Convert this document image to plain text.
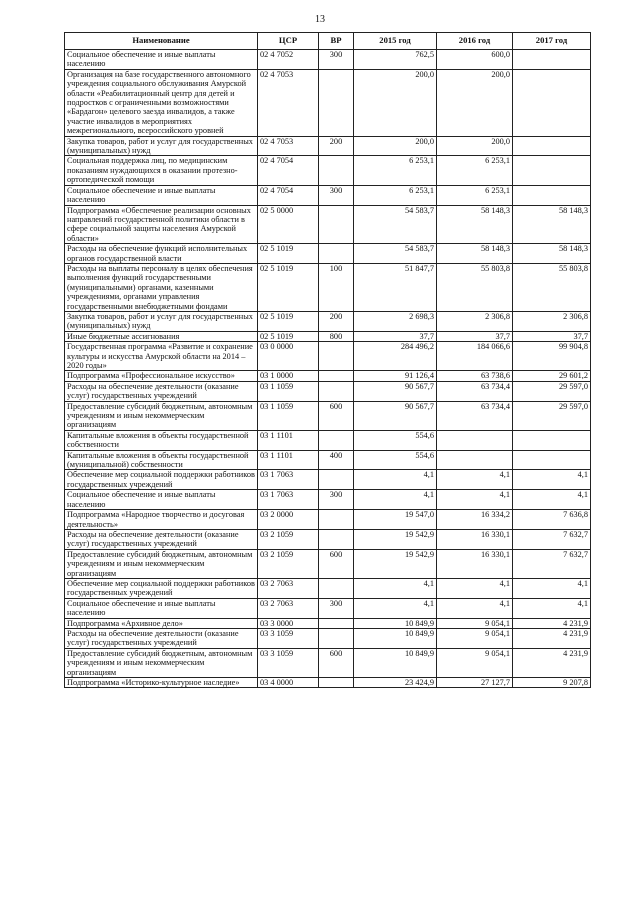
13
Наименование	ЦСР	ВР	2015 год	2016 год	2017 год
Социальное обеспечение и иные выплаты населению	02 4 7052	300	762,5	600,0	
Организация на базе государственного автономного учреждения социального обслуживания Амурской области «Реабилитационный центр для детей и подростков с ограниченными возможностями «Бардагон» целевого заезда инвалидов, а также участие инвалидов в мероприятиях межрегионального, всероссийского уровней	02 4 7053		200,0	200,0	
Закупка товаров, работ и услуг для государственных (муниципальных) нужд	02 4 7053	200	200,0	200,0	
Социальная поддержка лиц, по медицинским показаниям нуждающихся в оказании протезно-ортопедической помощи	02 4 7054		6 253,1	6 253,1	
Социальное обеспечение и иные выплаты населению	02 4 7054	300	6 253,1	6 253,1	
Подпрограмма «Обеспечение реализации основных направлений государственной политики области в сфере социальной защиты населения Амурской области»	02 5 0000		54 583,7	58 148,3	58 148,3
Расходы на обеспечение функций исполнительных органов государственной власти	02 5 1019		54 583,7	58 148,3	58 148,3
Расходы на выплаты персоналу в целях обеспечения выполнения функций государственными (муниципальными) органами, казенными учреждениями, органами управления государственными внебюджетными фондами	02 5 1019	100	51 847,7	55 803,8	55 803,8
Закупка товаров, работ и услуг для государственных (муниципальных) нужд	02 5 1019	200	2 698,3	2 306,8	2 306,8
Иные бюджетные ассигнования	02 5 1019	800	37,7	37,7	37,7
Государственная программа «Развитие и сохранение культуры и искусства Амурской области на 2014 – 2020 годы»	03 0 0000		284 496,2	184 066,6	99 904,8
Подпрограмма «Профессиональное искусство»	03 1 0000		91 126,4	63 738,6	29 601,2
Расходы на обеспечение деятельности (оказание услуг) государственных учреждений	03 1 1059		90 567,7	63 734,4	29 597,0
Предоставление субсидий бюджетным, автономным учреждениям и иным некоммерческим организациям	03 1 1059	600	90 567,7	63 734,4	29 597,0
Капитальные вложения в объекты государственной собственности	03 1 1101		554,6		
Капитальные вложения в объекты государственной (муниципальной) собственности	03 1 1101	400	554,6		
Обеспечение мер социальной поддержки работников государственных учреждений	03 1 7063		4,1	4,1	4,1
Социальное обеспечение и иные выплаты населению	03 1 7063	300	4,1	4,1	4,1
Подпрограмма «Народное творчество и досуговая деятельность»	03 2 0000		19 547,0	16 334,2	7 636,8
Расходы на обеспечение деятельности (оказание услуг) государственных учреждений	03 2 1059		19 542,9	16 330,1	7 632,7
Предоставление субсидий бюджетным, автономным учреждениям и иным некоммерческим организациям	03 2 1059	600	19 542,9	16 330,1	7 632,7
Обеспечение мер социальной поддержки работников государственных учреждений	03 2 7063		4,1	4,1	4,1
Социальное обеспечение и иные выплаты населению	03 2 7063	300	4,1	4,1	4,1
Подпрограмма «Архивное дело»	03 3 0000		10 849,9	9 054,1	4 231,9
Расходы на обеспечение деятельности (оказание услуг) государственных учреждений	03 3 1059		10 849,9	9 054,1	4 231,9
Предоставление субсидий бюджетным, автономным учреждениям и иным некоммерческим организациям	03 3 1059	600	10 849,9	9 054,1	4 231,9
Подпрограмма «Историко-культурное наследие»	03 4 0000		23 424,9	27 127,7	9 207,8
